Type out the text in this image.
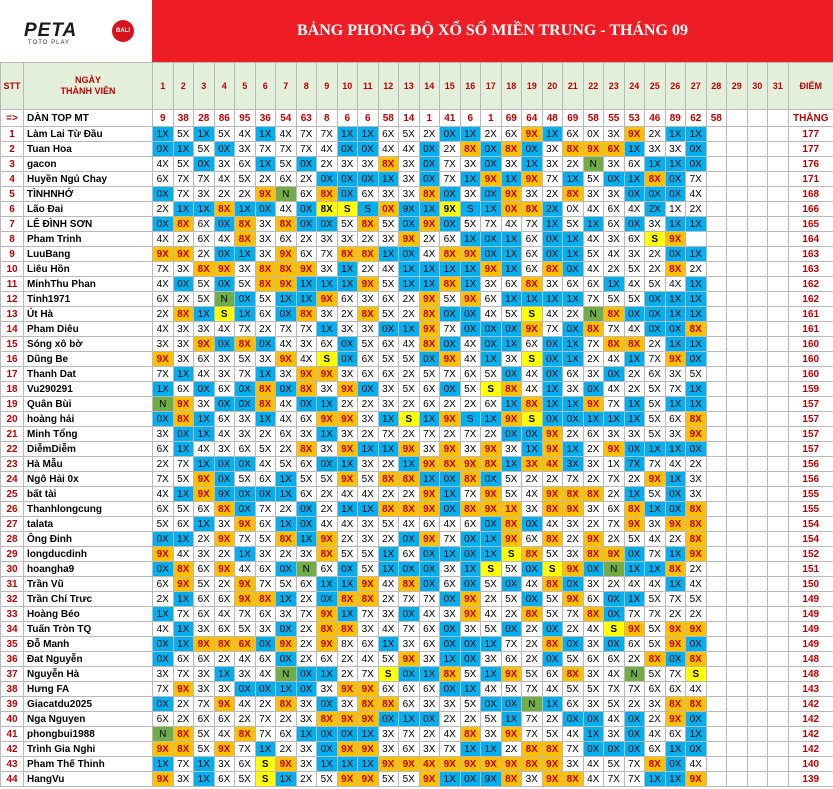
PETA
TOTO PLAY
BALI	BẢNG PHONG ĐỘ XỔ SỐ MIỀN TRUNG - THÁNG 09
STT	NGÀY
THÀNH VIÊN	1	2	3	4	5	6	7	8	9	10	11	12	13	14	15	16	17	18	19	20	21	22	23	24	25	26	27	28	29	30	31	ĐIỂM
=>	DÀN TOP MT	9	38	28	86	95	36	54	63	8	6	6	58	14	1	41	6	1	69	64	48	69	58	55	53	46	89	62	58				THẮNG
1	Làm Lai Từ Đầu	1X	5X	1X	5X	4X	1X	4X	7X	7X	1X	1X	6X	5X	2X	0X	1X	2X	6X	9X	1X	6X	0X	3X	9X	2X	1X	1X					177
2	Tuan Hoa	0X	1X	5X	0X	3X	7X	7X	7X	4X	0X	0X	4X	4X	0X	2X	8X	0X	8X	0X	3X	8X	9X	6X	1X	3X	3X	0X					177
3	gacon	4X	5X	0X	3X	6X	1X	5X	0X	2X	3X	3X	8X	3X	0X	7X	3X	0X	3X	1X	3X	2X	N	3X	6X	1X	1X	0X					176
4	Huyền Ngủ Chay	6X	7X	7X	4X	5X	2X	6X	2X	0X	0X	0X	1X	3X	0X	7X	1X	9X	1X	9X	7X	1X	5X	0X	1X	8X	0X	7X					171
5	TÌNHNHỚ	0X	7X	3X	2X	2X	9X	N	6X	8X	0X	6X	3X	3X	8X	0X	3X	0X	9X	3X	2X	8X	3X	3X	0X	0X	0X	4X					168
6	Lão Đai	2X	1X	1X	8X	1X	0X	4X	0X	8X	S	S	0X	9X	1X	9X	S	1X	0X	8X	2X	0X	4X	6X	4X	2X	1X	2X					166
7	LÊ ĐÌNH SƠN	0X	8X	6X	0X	8X	3X	8X	0X	0X	5X	8X	5X	0X	9X	0X	5X	7X	4X	7X	1X	5X	1X	6X	0X	3X	1X	1X					165
8	Pham Trinh	4X	2X	6X	4X	8X	3X	6X	2X	3X	3X	2X	3X	9X	2X	6X	1X	0X	1X	6X	0X	1X	4X	3X	6X	S	9X						164
9	LuuBang	9X	9X	2X	0X	1X	3X	9X	6X	7X	8X	8X	1X	0X	4X	8X	9X	0X	1X	6X	0X	1X	5X	4X	3X	2X	0X	1X					163
10	Liêu Hồn	7X	3X	8X	9X	3X	8X	8X	9X	3X	1X	2X	4X	1X	1X	1X	1X	9X	1X	6X	8X	0X	4X	2X	5X	2X	8X	2X					163
11	MinhThu Phan	4X	0X	5X	0X	5X	8X	9X	1X	1X	1X	9X	5X	1X	1X	8X	1X	3X	6X	8X	3X	6X	6X	1X	4X	5X	4X	1X					162
12	Tinh1971	6X	2X	5X	N	0X	5X	1X	1X	9X	6X	3X	6X	2X	9X	5X	9X	6X	1X	1X	1X	1X	7X	5X	5X	0X	1X	1X					162
13	Út Hà	2X	8X	1X	S	1X	6X	0X	8X	3X	2X	8X	5X	2X	8X	0X	0X	4X	5X	S	4X	2X	N	8X	0X	0X	1X	1X					161
14	Pham Diêu	4X	3X	3X	4X	7X	2X	7X	7X	1X	3X	3X	0X	1X	9X	7X	0X	0X	0X	9X	7X	0X	8X	7X	4X	0X	0X	8X					161
15	Sóng xô bờ	3X	3X	9X	0X	8X	0X	4X	3X	6X	0X	5X	6X	4X	8X	0X	4X	0X	1X	6X	0X	1X	7X	8X	8X	2X	1X	1X					160
16	Dũng Be	9X	3X	6X	3X	5X	3X	9X	4X	S	0X	6X	5X	5X	0X	9X	4X	1X	3X	S	0X	1X	2X	4X	1X	7X	9X	0X					160
17	Thanh Dat	7X	1X	4X	3X	7X	1X	3X	9X	9X	3X	6X	6X	2X	5X	7X	6X	5X	0X	4X	0X	6X	3X	0X	2X	6X	3X	5X					160
18	Vu290291	1X	6X	0X	6X	0X	8X	0X	8X	3X	9X	0X	3X	5X	6X	0X	5X	S	8X	4X	1X	3X	0X	4X	2X	5X	7X	1X					159
19	Quân Bùi	N	9X	3X	0X	0X	8X	4X	0X	1X	2X	2X	3X	2X	6X	2X	2X	6X	1X	8X	1X	1X	9X	7X	1X	5X	1X	1X					157
20	hoàng hải	0X	8X	1X	6X	3X	1X	4X	6X	9X	9X	3X	1X	S	1X	9X	S	1X	9X	S	0X	0X	1X	1X	1X	5X	6X	8X					157
21	Minh Tổng	3X	0X	1X	4X	3X	2X	6X	3X	1X	3X	2X	7X	2X	7X	2X	7X	2X	0X	0X	9X	2X	6X	3X	3X	5X	3X	9X					157
22	DiễmDiễm	6X	1X	4X	3X	6X	5X	2X	8X	3X	9X	1X	1X	9X	3X	9X	3X	9X	3X	1X	9X	1X	2X	9X	0X	1X	1X	0X					157
23	Hà Mẫu	2X	7X	1X	0X	0X	4X	5X	6X	0X	1X	3X	2X	1X	9X	8X	9X	8X	1X	3X	4X	3X	3X	1X	7X	7X	4X	2X					156
24	Ngô Hải 0x	7X	5X	9X	0X	5X	6X	1X	5X	5X	9X	5X	8X	8X	1X	0X	8X	0X	5X	2X	2X	7X	2X	7X	2X	9X	1X	3X					156
25	bất tài	4X	1X	9X	9X	0X	0X	1X	6X	2X	4X	4X	2X	2X	9X	1X	7X	9X	5X	4X	9X	8X	8X	2X	1X	5X	0X	3X					155
26	Thanhlongcung	6X	5X	6X	8X	0X	7X	2X	0X	2X	1X	1X	8X	8X	9X	0X	8X	9X	1X	3X	8X	9X	3X	6X	8X	1X	0X	8X					155
27	talata	5X	6X	1X	3X	9X	6X	1X	0X	4X	4X	3X	5X	4X	6X	4X	6X	0X	8X	0X	4X	3X	2X	7X	9X	3X	9X	8X					154
28	Ông Đinh	0X	1X	2X	9X	7X	5X	8X	1X	9X	2X	3X	2X	0X	9X	7X	0X	1X	9X	6X	8X	2X	9X	2X	5X	4X	2X	8X					154
29	longducdinh	9X	4X	3X	2X	1X	3X	2X	3X	8X	5X	5X	1X	6X	0X	1X	0X	1X	S	8X	5X	3X	8X	9X	0X	7X	1X	9X					152
30	hoangha9	0X	8X	6X	9X	4X	6X	0X	N	6X	0X	5X	1X	0X	0X	3X	1X	S	5X	0X	S	9X	0X	N	1X	1X	8X	2X					151
31	Trần Vũ	6X	9X	5X	2X	9X	7X	5X	6X	1X	1X	9X	4X	8X	0X	6X	0X	5X	0X	4X	8X	0X	3X	2X	4X	4X	1X	4X					150
32	Trần Chí Trưc	2X	1X	6X	6X	9X	8X	1X	2X	0X	8X	8X	2X	7X	7X	0X	9X	2X	5X	0X	5X	9X	6X	0X	1X	5X	7X	5X					149
33	Hoàng Béo	1X	7X	6X	4X	7X	6X	3X	7X	9X	1X	7X	3X	0X	4X	3X	9X	4X	2X	8X	5X	7X	8X	0X	7X	7X	2X	2X					149
34	Tuấn Tròn TQ	4X	1X	3X	6X	5X	3X	0X	2X	8X	8X	3X	4X	7X	6X	0X	3X	5X	0X	2X	0X	2X	4X	S	9X	5X	9X	9X					149
35	Đỗ Manh	0X	1X	9X	8X	6X	0X	9X	2X	9X	8X	6X	1X	3X	6X	0X	0X	1X	7X	2X	8X	0X	3X	0X	6X	5X	9X	0X					149
36	Đat Nguyễn	0X	6X	6X	2X	4X	6X	0X	2X	6X	2X	4X	5X	9X	3X	1X	0X	3X	6X	2X	0X	5X	6X	6X	2X	8X	0X	8X					148
37	Nguyễn Hà	3X	7X	3X	1X	3X	4X	N	0X	1X	2X	7X	S	0X	1X	8X	5X	1X	9X	5X	6X	8X	3X	4X	N	5X	7X	S					148
38	Hưng FA	7X	9X	3X	3X	0X	0X	1X	0X	3X	9X	9X	6X	6X	6X	0X	1X	4X	5X	7X	4X	5X	5X	7X	7X	6X	6X	4X					143
39	Giacatdu2025	0X	2X	7X	9X	4X	2X	8X	3X	0X	3X	8X	8X	6X	3X	3X	5X	0X	0X	N	1X	6X	3X	5X	2X	3X	8X	8X					142
40	Nga Nguyen	6X	2X	6X	6X	2X	7X	2X	3X	8X	9X	9X	0X	1X	0X	2X	2X	5X	1X	7X	2X	0X	0X	4X	0X	2X	9X	0X					142
41	phongbui1988	N	8X	5X	4X	8X	7X	6X	1X	0X	0X	1X	3X	7X	2X	4X	8X	3X	9X	7X	5X	4X	1X	3X	0X	4X	6X	1X					142
42	Trình Gia Nghi	9X	8X	5X	9X	7X	1X	2X	3X	0X	9X	9X	3X	6X	3X	7X	1X	1X	2X	8X	8X	7X	0X	0X	0X	6X	1X	0X					142
43	Pham Thế Thinh	1X	7X	1X	3X	6X	S	9X	3X	1X	1X	1X	9X	9X	4X	9X	9X	9X	9X	8X	9X	3X	4X	5X	7X	8X	0X	4X					140
44	HangVu	9X	3X	1X	6X	5X	S	1X	2X	5X	9X	9X	5X	5X	9X	1X	0X	9X	8X	3X	9X	8X	4X	7X	7X	1X	1X	9X					139
